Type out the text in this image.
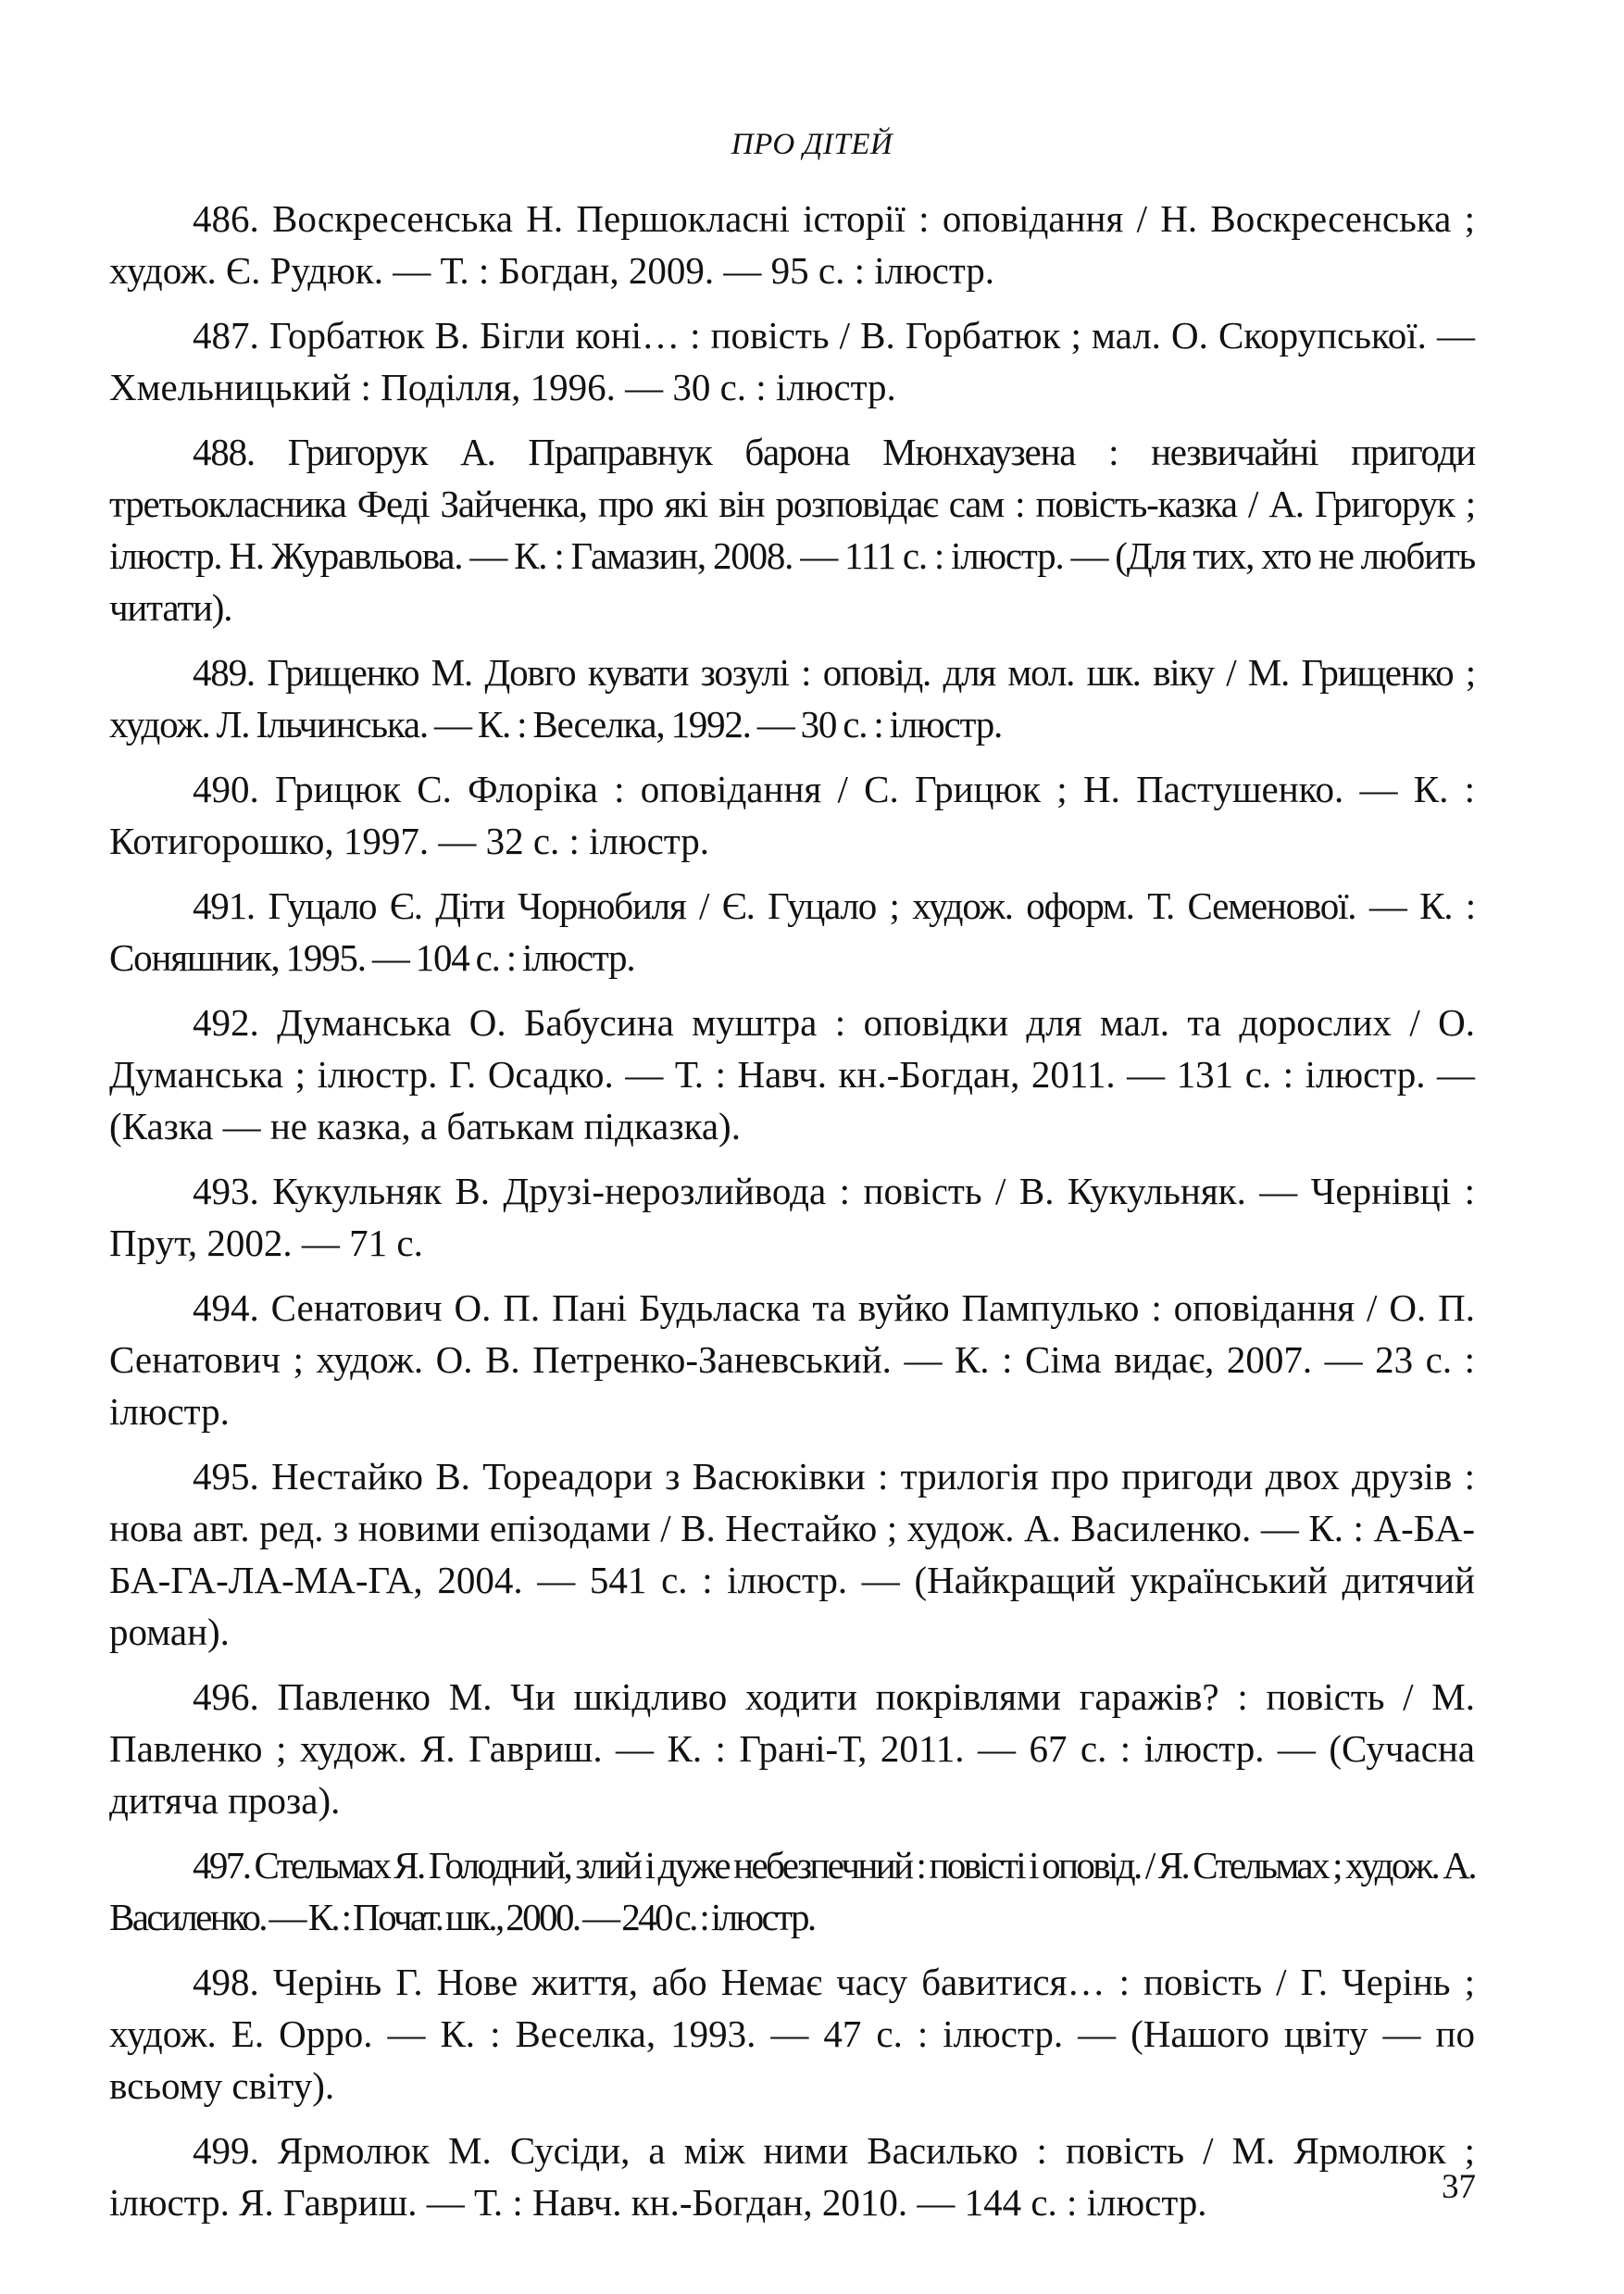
ПРО ДІТЕЙ

486. Воскресенська Н. Першокласні історії : оповідання / Н. Воскресенська ; худож. Є. Рудюк. — Т. : Богдан, 2009. — 95 с. : ілюстр.

487. Горбатюк В. Бігли коні… : повість / В. Горбатюк ; мал. О. Скорупської. — Хмельницький : Поділля, 1996. — 30 с. : ілюстр.

488. Григорук А. Праправнук барона Мюнхаузена : незвичайні пригоди третьокласника Феді Зайченка, про які він розповідає сам : повість-казка / А. Григорук ; ілюстр. Н. Журавльова. — К. : Гамазин, 2008. — 111 с. : ілюстр. — (Для тих, хто не любить читати).

489. Грищенко М. Довго кувати зозулі : оповід. для мол. шк. віку / М. Грищенко ; худож. Л. Ільчинська. — К. : Веселка, 1992. — 30 с. : ілюстр.

490. Грицюк С. Флоріка : оповідання / С. Грицюк ; Н. Пастушенко. — К. : Котигорошко, 1997. — 32 с. : ілюстр.

491. Гуцало Є. Діти Чорнобиля / Є. Гуцало ; худож. оформ. Т. Семенової. — К. : Соняшник, 1995. — 104 с. : ілюстр.

492. Думанська О. Бабусина муштра : оповідки для мал. та дорослих / О. Думанська ; ілюстр. Г. Осадко. — Т. : Навч. кн.-Богдан, 2011. — 131 с. : ілюстр. — (Казка — не казка, а батькам підказка).

493. Кукульняк В. Друзі-нерозлийвода : повість / В. Кукульняк. — Чернівці : Прут, 2002. — 71 с.

494. Сенатович О. П. Пані Будьласка та вуйко Пампулько : оповідання / О. П. Сенатович ; худож. О. В. Петренко-Заневський. — К. : Сіма видає, 2007. — 23 с. : ілюстр.

495. Нестайко В. Тореадори з Васюківки : трилогія про пригоди двох друзів : нова авт. ред. з новими епізодами / В. Нестайко ; худож. А. Василенко. — К. : А-БА-БА-ГА-ЛА-МА-ГА, 2004. — 541 с. : ілюстр. — (Найкращий український дитячий роман).

496. Павленко М. Чи шкідливо ходити покрівлями гаражів? : повість / М. Павленко ; худож. Я. Гавриш. — К. : Грані-Т, 2011. — 67 с. : ілюстр. — (Сучасна дитяча проза).

497. Стельмах Я. Голодний, злий і дуже небезпечний : повісті і оповід. / Я. Стельмах ; худож. А. Василенко. — К. : Почат. шк., 2000. — 240 с. : ілюстр.

498. Черінь Г. Нове життя, або Немає часу бавитися… : повість / Г. Черінь ; худож. Е. Орро. — К. : Веселка, 1993. — 47 с. : ілюстр. — (Нашого цвіту — по всьому світу).

499. Ярмолюк М. Сусіди, а між ними Василько : повість / М. Ярмолюк ; ілюстр. Я. Гавриш. — Т. : Навч. кн.-Богдан, 2010. — 144 с. : ілюстр.	37
